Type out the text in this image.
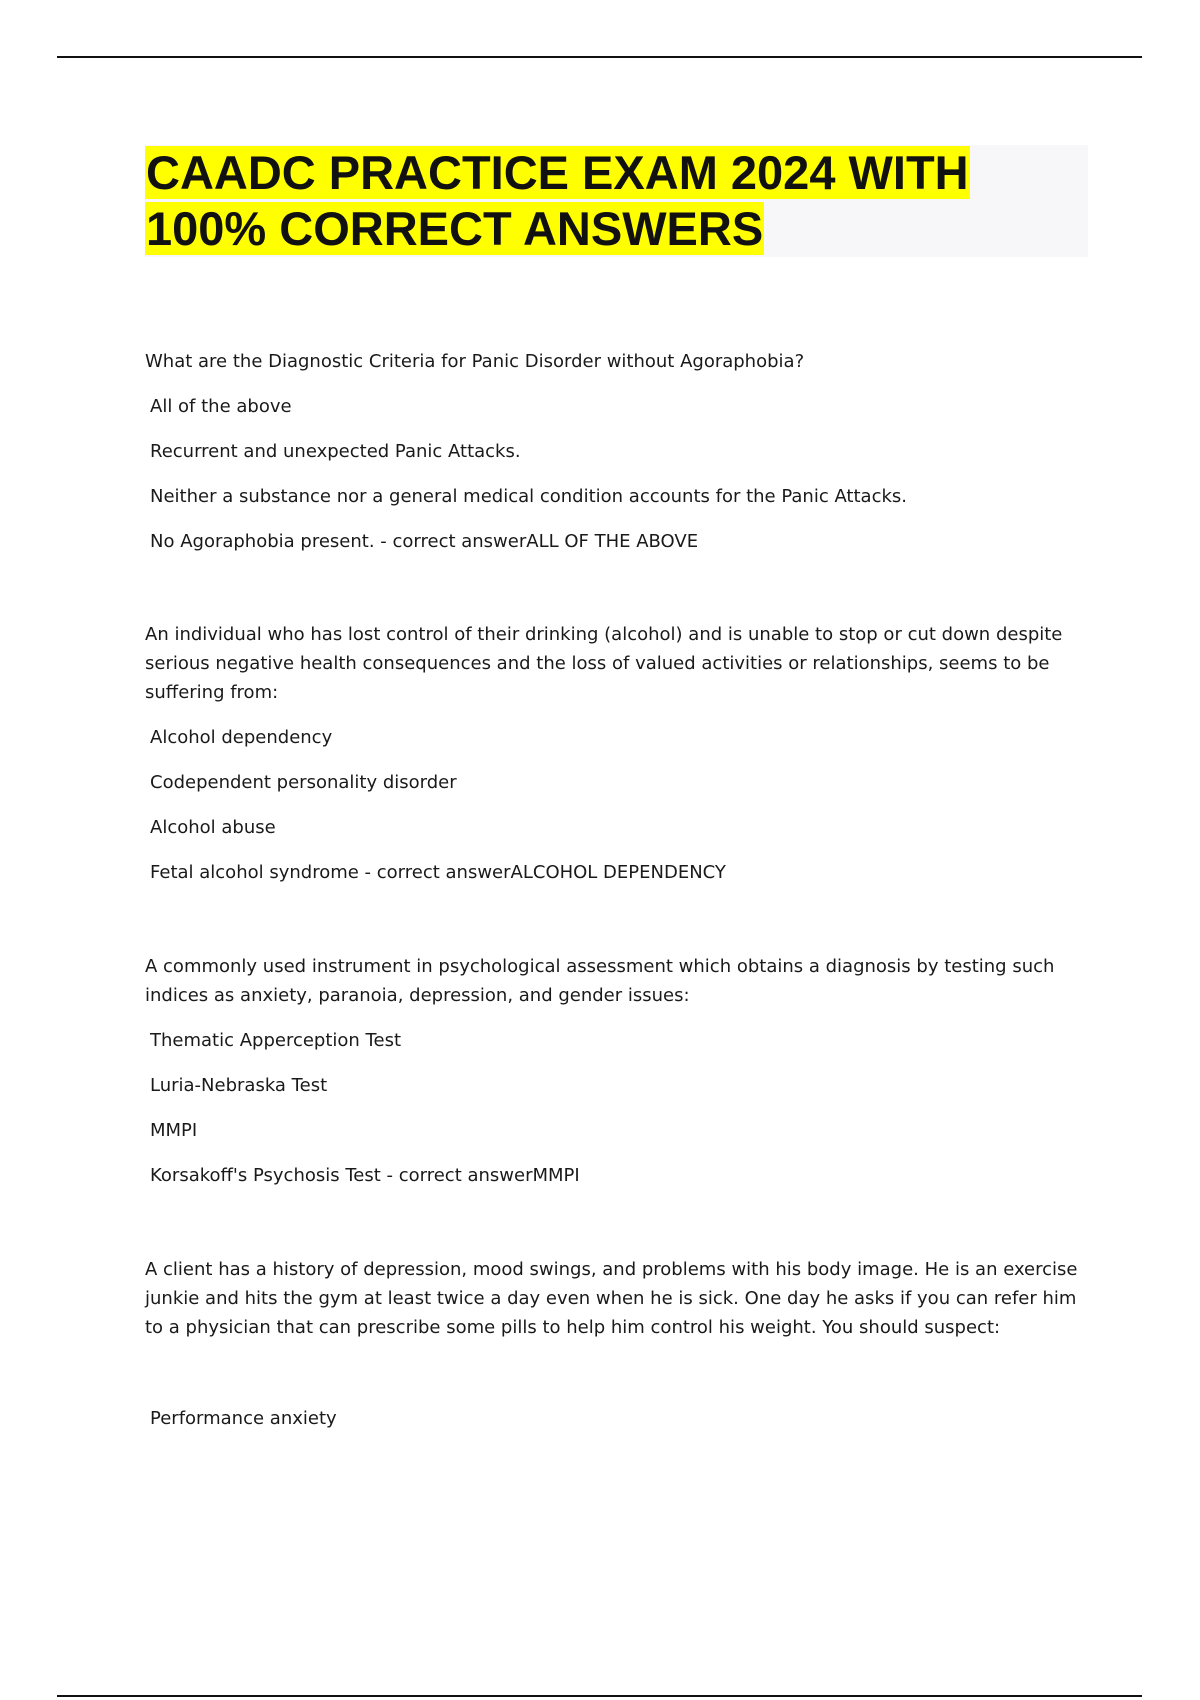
CAADC PRACTICE EXAM 2024 WITH
100% CORRECT ANSWERS

What are the Diagnostic Criteria for Panic Disorder without Agoraphobia?

All of the above

Recurrent and unexpected Panic Attacks.

Neither a substance nor a general medical condition accounts for the Panic Attacks.

No Agoraphobia present. - correct answerALL OF THE ABOVE

An individual who has lost control of their drinking (alcohol) and is unable to stop or cut down despite serious negative health consequences and the loss of valued activities or relationships, seems to be suffering from:

Alcohol dependency

Codependent personality disorder

Alcohol abuse

Fetal alcohol syndrome - correct answerALCOHOL DEPENDENCY

A commonly used instrument in psychological assessment which obtains a diagnosis by testing such indices as anxiety, paranoia, depression, and gender issues:

Thematic Apperception Test

Luria-Nebraska Test

MMPI

Korsakoff's Psychosis Test - correct answerMMPI

A client has a history of depression, mood swings, and problems with his body image. He is an exercise junkie and hits the gym at least twice a day even when he is sick. One day he asks if you can refer him to a physician that can prescribe some pills to help him control his weight. You should suspect:

Performance anxiety
